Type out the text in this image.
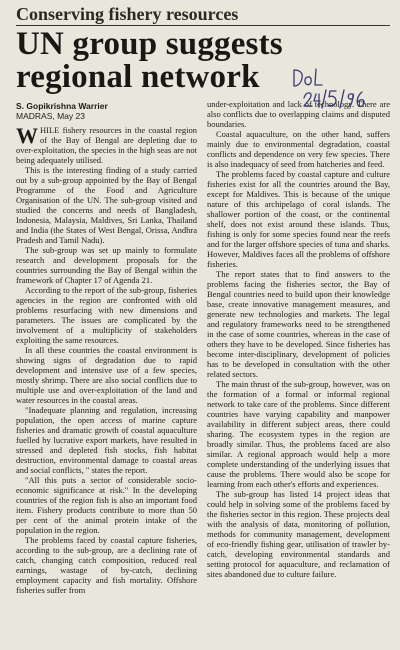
Conserving fishery resources
UN group suggests
regional network

S. Gopikrishna Warrier

MADRAS, May 23

WHILE fishery resources in the coastal region of the Bay of Bengal are depleting due to over-exploitation, the species in the high seas are not being adequately utilised.

This is the interesting finding of a study carried out by a sub-group appointed by the Bay of Bengal Programme of the Food and Agriculture Organisation of the UN. The sub-group visited and studied the concerns and needs of Bangladesh, Indonesia, Malaysia, Maldives, Sri Lanka, Thailand and India (the States of West Bengal, Orissa, Andhra Pradesh and Tamil Nadu).

The sub-group was set up mainly to formulate research and development proposals for the countries surrounding the Bay of Bengal within the framework of Chapter 17 of Agenda 21.

According to the report of the sub-group, fisheries agencies in the region are confronted with old problems resurfacing with new dimensions and parameters. The issues are complicated by the involvement of a multiplicity of stakeholders exploiting the same resources.

In all these countries the coastal environment is showing signs of degradation due to rapid development and intensive use of a few species, mostly shrimp. There are also social conflicts due to multiple use and over-exploitation of the land and water resources in the coastal areas.

"Inadequate planning and regulation, increasing population, the open access of marine capture fisheries and dramatic growth of coastal aquaculture fuelled by lucrative export markets, have resulted in stressed and depleted fish stocks, fish habitat destruction, environmental damage to coastal areas and social conflicts, " states the report.

"All this puts a sector of considerable socio-economic significance at risk." In the developing countries of the region fish is also an important food item. Fishery products contribute to more than 50 per cent of the animal protein intake of the population in the region.

The problems faced by coastal capture fisheries, according to the sub-group, are a declining rate of catch, changing catch composition, reduced real earnings, wastage of by-catch, declining employment capacity and fish mortality. Offshore fisheries suffer from

under-exploitation and lack of technology. There are also conflicts due to overlapping claims and disputed boundaries.

Coastal aquaculture, on the other hand, suffers mainly due to environmental degradation, coastal conflicts and dependence on very few species. There is also inadequacy of seed from hatcheries and feed.

The problems faced by coastal capture and culture fisheries exist for all the countries around the Bay, except for Maldives. This is because of the unique nature of this archipelago of coral islands. The shallower portion of the coast, or the continental shelf, does not exist around these islands. Thus, fishing is only for some species found near the reefs and for the larger offshore species of tuna and sharks. However, Maldives faces all the problems of offshore fisheries.

The report states that to find answers to the problems facing the fisheries sector, the Bay of Bengal countries need to build upon their knowledge base, create innovative management measures, and generate new technologies and markets. The legal and regulatory frameworks need to be strengthened in the case of some countries, whereas in the case of others they have to be developed. Since fisheries has become inter-disciplinary, development of policies has to be developed in consultation with the other related sectors.

The main thrust of the sub-group, however, was on the formation of a formal or informal regional network to take care of the problems. Since different countries have varying capability and manpower availability in different subject areas, there could sharing. The ecosystem types in the region are broadly similar. Thus, the problems faced are also similar. A regional approach would help a more complete understanding of the underlying issues that cause the problems. There would also be scope for learning from each other's efforts and experiences.

The sub-group has listed 14 project ideas that could help in solving some of the problems faced by the fisheries sector in this region. These projects deal with the analysis of data, monitoring of pollution, methods for community management, development of eco-friendly fishing gear, utilisation of trawler by-catch, developing environmental standards and setting protocol for aquaculture, and reclamation of sites abandoned due to culture failure.
